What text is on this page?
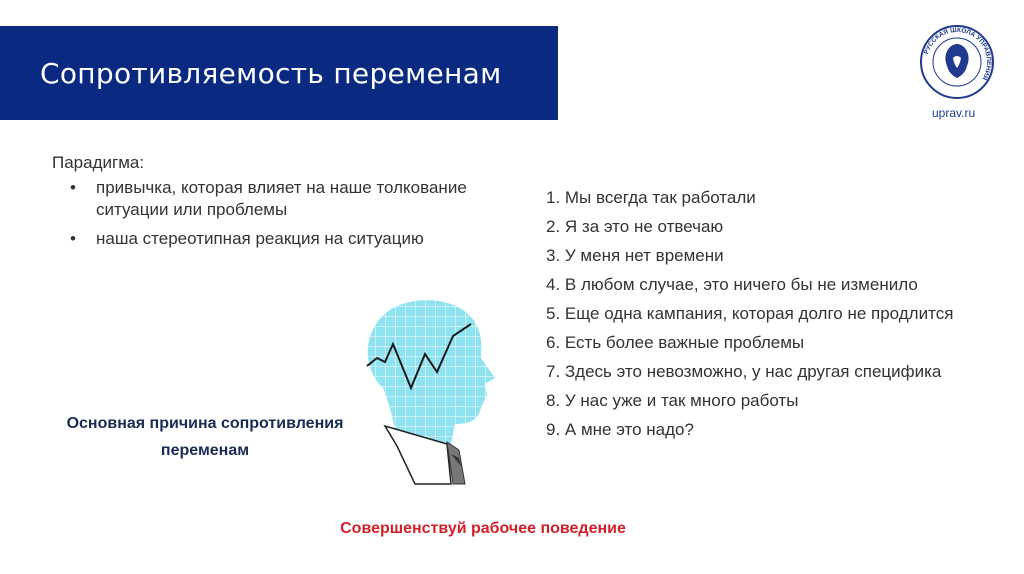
Сопротивляемость переменам
РУССКАЯ ШКОЛА УПРАВЛЕНИЯ
uprav.ru
Парадигма:
• привычка, которая влияет на наше толкование ситуации или проблемы
• наша стереотипная реакция на ситуацию
1. Мы всегда так работали
2. Я за это не отвечаю
3. У меня нет времени
4. В любом случае, это ничего бы не изменило
5. Еще одна кампания, которая долго не продлится
6. Есть более важные проблемы
7. Здесь это невозможно, у нас другая специфика
8. У нас уже и так много работы
9. А мне это надо?
Основная причина сопротивления переменам
Совершенствуй рабочее поведение
